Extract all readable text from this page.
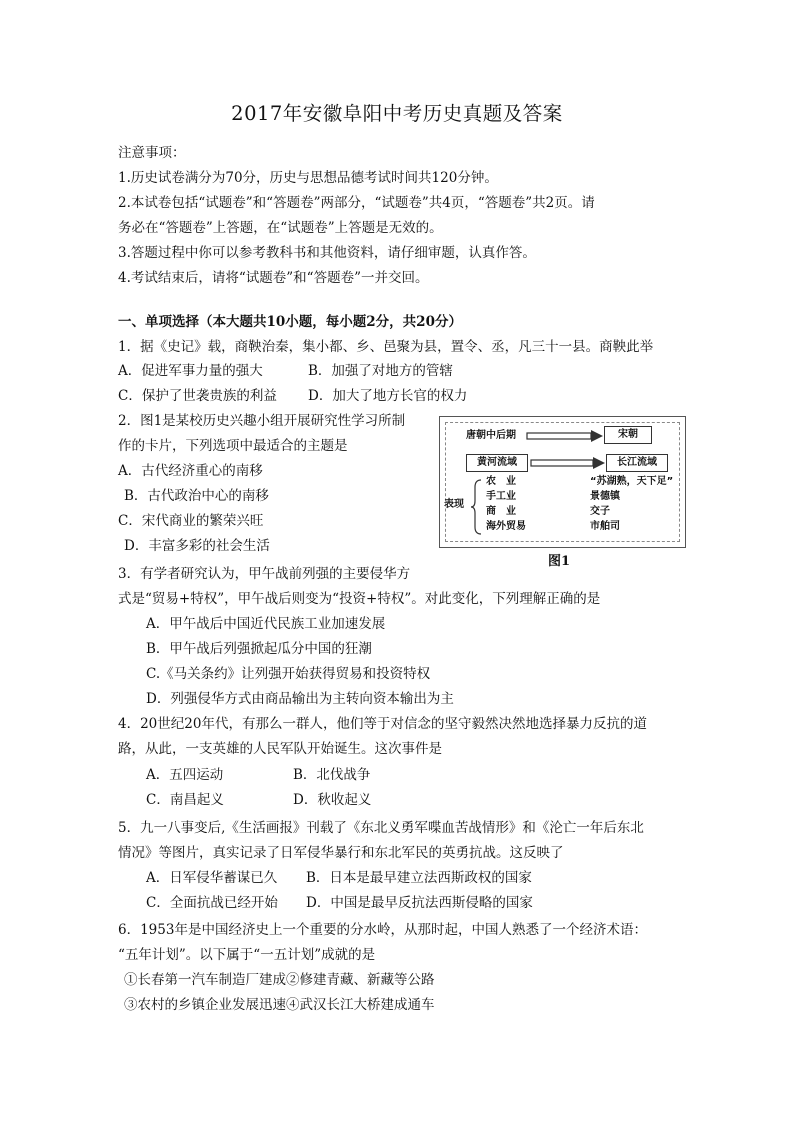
2017年安徽阜阳中考历史真题及答案
注意事项：
1.历史试卷满分为70分，历史与思想品德考试时间共120分钟。
2.本试卷包括“试题卷”和“答题卷”两部分，“试题卷”共4页，“答题卷”共2页。请
务必在“答题卷”上答题，在“试题卷”上答题是无效的。
3.答题过程中你可以参考教科书和其他资料，请仔细审题，认真作答。
4.考试结束后，请将“试题卷”和“答题卷”一并交回。
一、单项选择（本大题共10小题，每小题2分，共20分）
1．据《史记》载，商鞅治秦，集小都、乡、邑聚为县，置令、丞，凡三十一县。商鞅此举
A．促进军事力量的强大	B．加强了对地方的管辖
C．保护了世袭贵族的利益 D．加大了地方长官的权力
2．图1是某校历史兴趣小组开展研究性学习所制
作的卡片，下列选项中最适合的主题是
A．古代经济重心的南移
B．古代政治中心的南移
C．宋代商业的繁荣兴旺
D．丰富多彩的社会生活
唐朝中后期	宋朝
黄河流域	长江流域
表现
农　业
手工业
商　业
海外贸易
“苏湖熟，天下足”
景德镇
交子
市舶司
图1
3．有学者研究认为，甲午战前列强的主要侵华方
式是“贸易+特权”，甲午战后则变为“投资+特权”。对此变化，下列理解正确的是
A．甲午战后中国近代民族工业加速发展
B．甲午战后列强掀起瓜分中国的狂潮
C.《马关条约》让列强开始获得贸易和投资特权
D．列强侵华方式由商品输出为主转向资本输出为主
4．20世纪20年代，有那么一群人，他们等于对信念的坚守毅然决然地选择暴力反抗的道
路，从此，一支英雄的人民军队开始诞生。这次事件是
A．五四运动	B．北伐战争
C．南昌起义	D．秋收起义
5．九一八事变后,《生活画报》刊载了《东北义勇军喋血苦战情形》和《沦亡一年后东北
情况》等图片，真实记录了日军侵华暴行和东北军民的英勇抗战。这反映了
A．日军侵华蓄谋已久 B．日本是最早建立法西斯政权的国家
C．全面抗战已经开始 D．中国是最早反抗法西斯侵略的国家
6．1953年是中国经济史上一个重要的分水岭，从那时起，中国人熟悉了一个经济术语：
“五年计划”。以下属于“一五计划”成就的是
①长春第一汽车制造厂建成②修建青藏、新藏等公路
③农村的乡镇企业发展迅速④武汉长江大桥建成通车
